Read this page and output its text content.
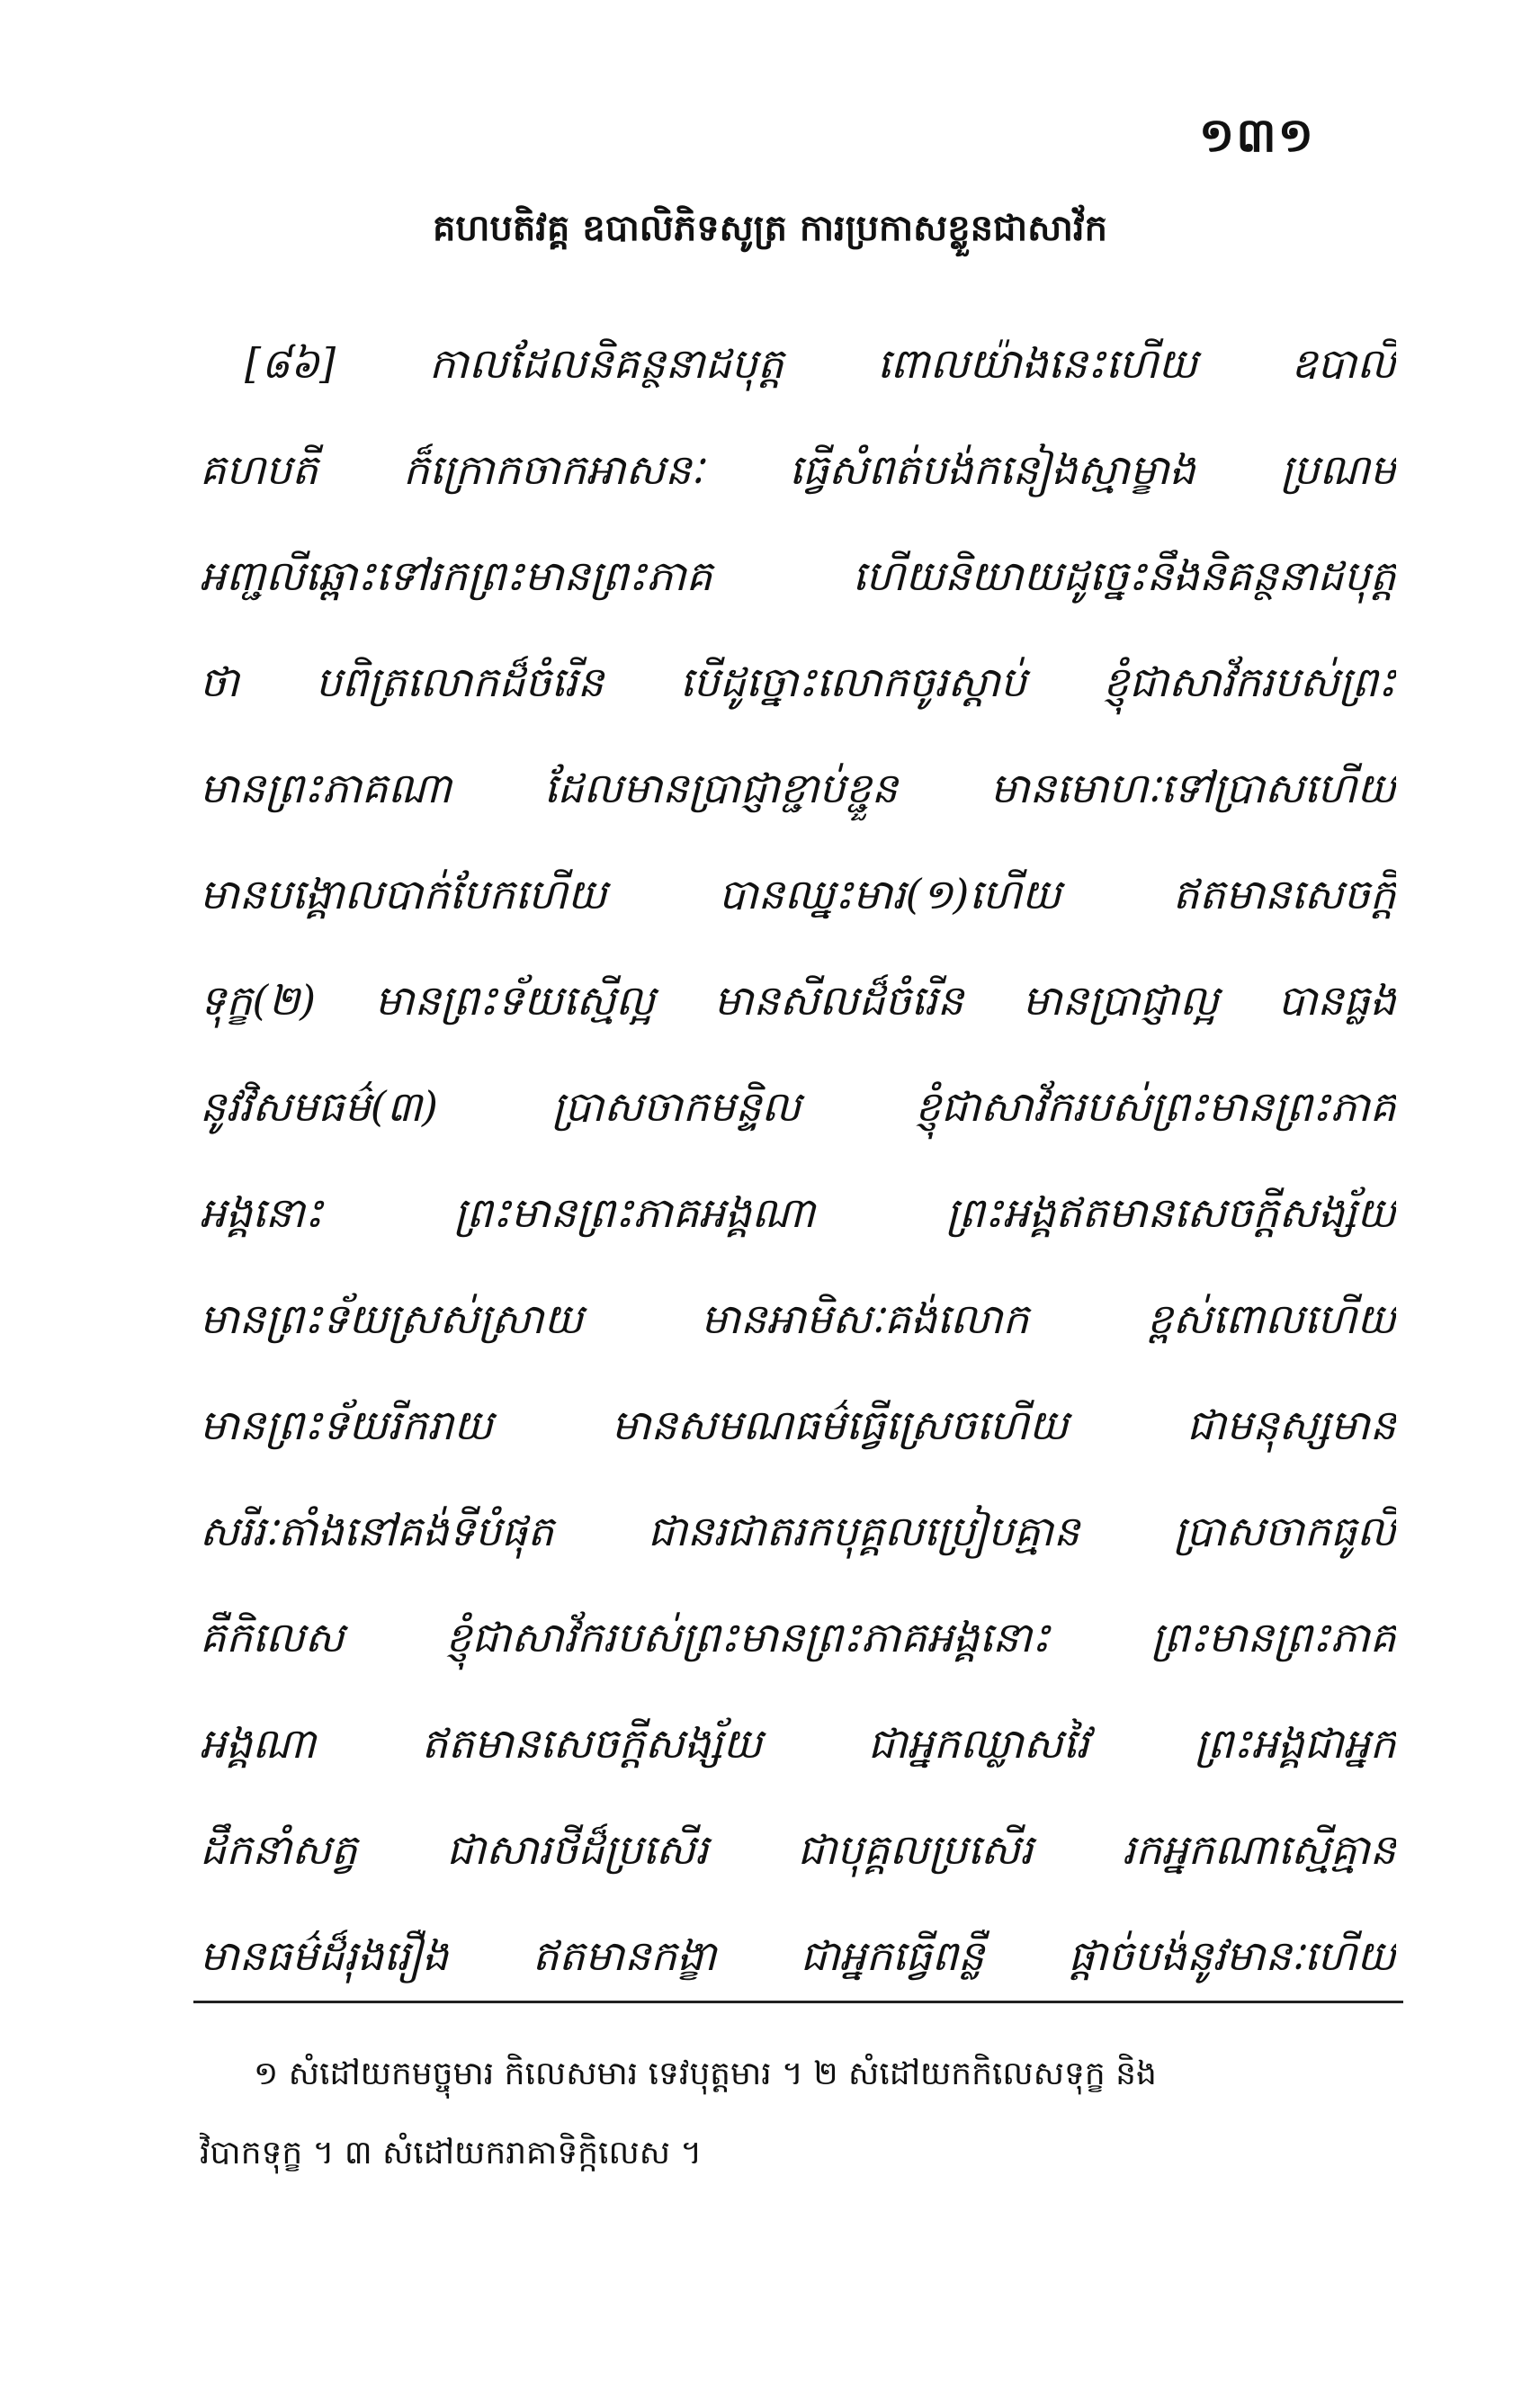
១៣១
គហបតិវគ្គ ឧបាលិភិទសូត្រ ការប្រកាសខ្លួនជាសាវ័ក
[៨៦] កាលដែលនិគន្ថនាដបុត្ត ពោលយ៉ាងនេះហើយ ឧបាលិ
គហបតី ក៏ក្រោកចាកអាសនៈ ធ្វើសំពត់បង់កនៀងស្មាម្ខាង ប្រណម
អញ្ជលីឆ្ពោះទៅរកព្រះមានព្រះភាគ	ហើយនិយាយដូច្នេះនឹងនិគន្ថនាដបុត្ត
ថា បពិត្រលោកដ៏ចំរើន បើដូច្នោះលោកចូរស្តាប់ ខ្ញុំជាសាវ័ករបស់ព្រះ
មានព្រះភាគណា ដែលមានប្រាជ្ញាខ្ជាប់ខ្ជួន មានមោហៈទៅប្រាសហើយ
មានបង្គោលបាក់បែកហើយ	បានឈ្នះមារ(១)ហើយ	ឥតមានសេចក្តី
ទុក្ខ(២) មានព្រះទ័យស្មើល្អ មានសីលដ៏ចំរើន មានប្រាជ្ញាល្អ បានធ្លង
នូវវិសមធម៌(៣)	ប្រាសចាកមន្ទិល	ខ្ញុំជាសាវ័ករបស់ព្រះមានព្រះភាគ
អង្គនោះ	ព្រះមានព្រះភាគអង្គណា	ព្រះអង្គឥតមានសេចក្តីសង្ស័យ
មានព្រះទ័យស្រស់ស្រាយ	មានអាមិសៈគង់លោក	ខ្ពស់ពោលហើយ
មានព្រះទ័យរីករាយ	មានសមណធម៌ធ្វើស្រេចហើយ	ជាមនុស្សមាន
សរីរៈតាំងនៅគង់ទីបំផុត ជានរជាតរកបុគ្គលប្រៀបគ្មាន ប្រាសចាកធូលី
គឺកិលេស ខ្ញុំជាសាវ័ករបស់ព្រះមានព្រះភាគអង្គនោះ ព្រះមានព្រះភាគ
អង្គណា	ឥតមានសេចក្តីសង្ស័យ	ជាអ្នកឈ្លាសវៃ	ព្រះអង្គជាអ្នក
ដឹកនាំសត្វ ជាសារថីដ៏ប្រសើរ ជាបុគ្គលប្រសើរ រកអ្នកណាស្មើគ្មាន
មានធម៌ដ៏រុងរឿង ឥតមានកង្ខា ជាអ្នកធ្វើពន្លឺ ផ្តាច់បង់នូវមានៈហើយ
១ សំដៅយកមច្ចុមារ កិលេសមារ ទេវបុត្តមារ ។ ២ សំដៅយកកិលេសទុក្ខ និង
វិបាកទុក្ខ ។ ៣ សំដៅយករាគាទិក្កិលេស ។
